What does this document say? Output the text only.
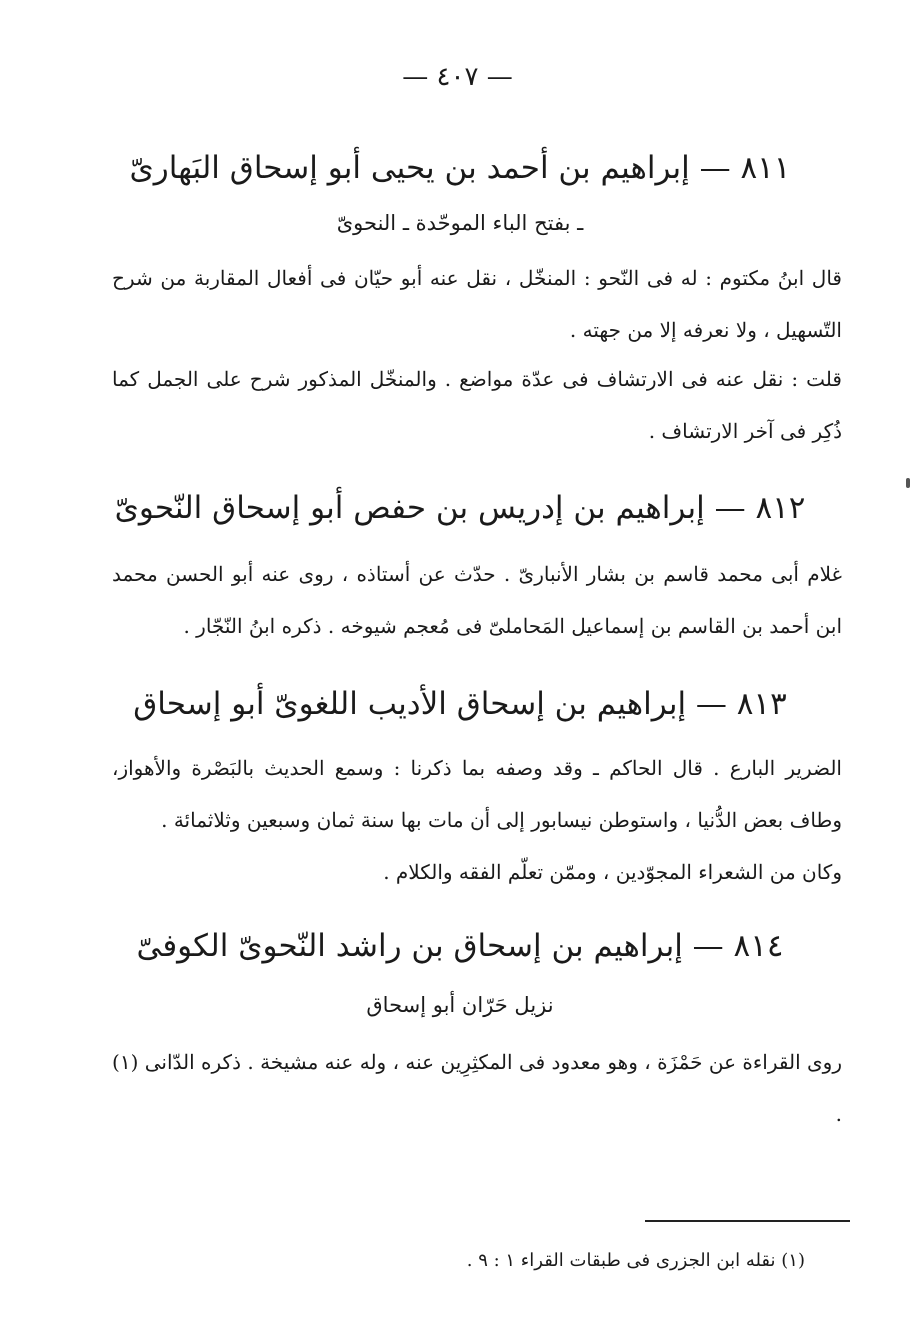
— ٤٠٧ —
٨١١ — إبراهيم بن أحمد بن يحيى أبو إسحاق البَهارىّ
ـ بفتح الباء الموحّدة ـ النحوىّ
قال ابنُ مكتوم : له فى النّحو : المنخّل ، نقل عنه أبو حيّان فى أفعال المقاربة من شرح التّسهيل ، ولا نعرفه إلا من جهته .
قلت : نقل عنه فى الارتشاف فى عدّة مواضع . والمنخّل المذكور شرح على الجمل كما ذُكِر فى آخر الارتشاف .
٨١٢ — إبراهيم بن إدريس بن حفص أبو إسحاق النّحوىّ
غلام أبى محمد قاسم بن بشار الأنبارىّ . حدّث عن أستاذه ، روى عنه أبو الحسن محمد ابن أحمد بن القاسم بن إسماعيل المَحاملىّ فى مُعجم شيوخه . ذكره ابنُ النّجّار .
٨١٣ — إبراهيم بن إسحاق الأديب اللغوىّ أبو إسحاق
الضرير البارع . قال الحاكم ـ وقد وصفه بما ذكرنا : وسمع الحديث بالبَصْرة والأهواز، وطاف بعض الدُّنيا ، واستوطن نيسابور إلى أن مات بها سنة ثمان وسبعين وثلاثمائة .
وكان من الشعراء المجوّدين ، وممّن تعلّم الفقه والكلام .
٨١٤ — إبراهيم بن إسحاق بن راشد النّحوىّ الكوفىّ
نزيل حَرّان أبو إسحاق
روى القراءة عن حَمْزَة ، وهو معدود فى المكثِرِين عنه ، وله عنه مشيخة . ذكره الدّانى (١) .
(١) نقله ابن الجزرى فى طبقات القراء ١ : ٩ .
